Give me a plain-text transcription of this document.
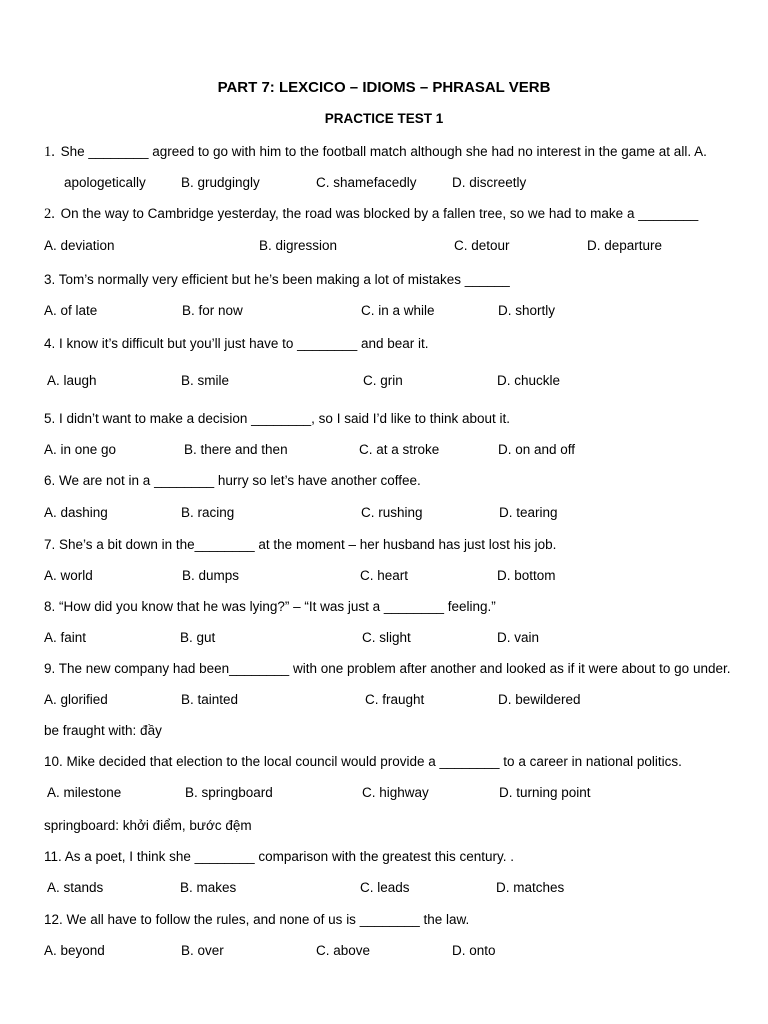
PART 7: LEXCICO – IDIOMS – PHRASAL VERB
PRACTICE TEST 1
1. She ________ agreed to go with him to the football match although she had no interest in the game at all. A.
apologetically	B. grudgingly	C. shamefacedly	D. discreetly
2. On the way to Cambridge yesterday, the road was blocked by a fallen tree, so we had to make a ________
A. deviation	B. digression	C. detour	D. departure
3. Tom’s normally very efficient but he’s been making a lot of mistakes ______
A. of late	B. for now	C. in a while	D. shortly
4. I know it’s difficult but you’ll just have to ________ and bear it.
A. laugh	B. smile	C. grin	D. chuckle
5. I didn’t want to make a decision ________, so I said I’d like to think about it.
A. in one go	B. there and then	C. at a stroke	D. on and off
6. We are not in a ________ hurry so let’s have another coffee.
A. dashing	B. racing	C. rushing	D. tearing
7. She’s a bit down in the________ at the moment – her husband has just lost his job.
A. world	B. dumps	C. heart	D. bottom
8. “How did you know that he was lying?” – “It was just a ________ feeling.”
A. faint	B. gut	C. slight	D. vain
9. The new company had been________ with one problem after another and looked as if it were about to go under.
A. glorified	B. tainted	C. fraught	D. bewildered
be fraught with: đầy
10. Mike decided that election to the local council would provide a ________ to a career in national politics.
A. milestone	B. springboard	C. highway	D. turning point
springboard: khởi điểm, bước đệm
11. As a poet, I think she ________ comparison with the greatest this century. .
A. stands	B. makes	C. leads	D. matches
12. We all have to follow the rules, and none of us is ________ the law.
A. beyond	B. over	C. above	D. onto
